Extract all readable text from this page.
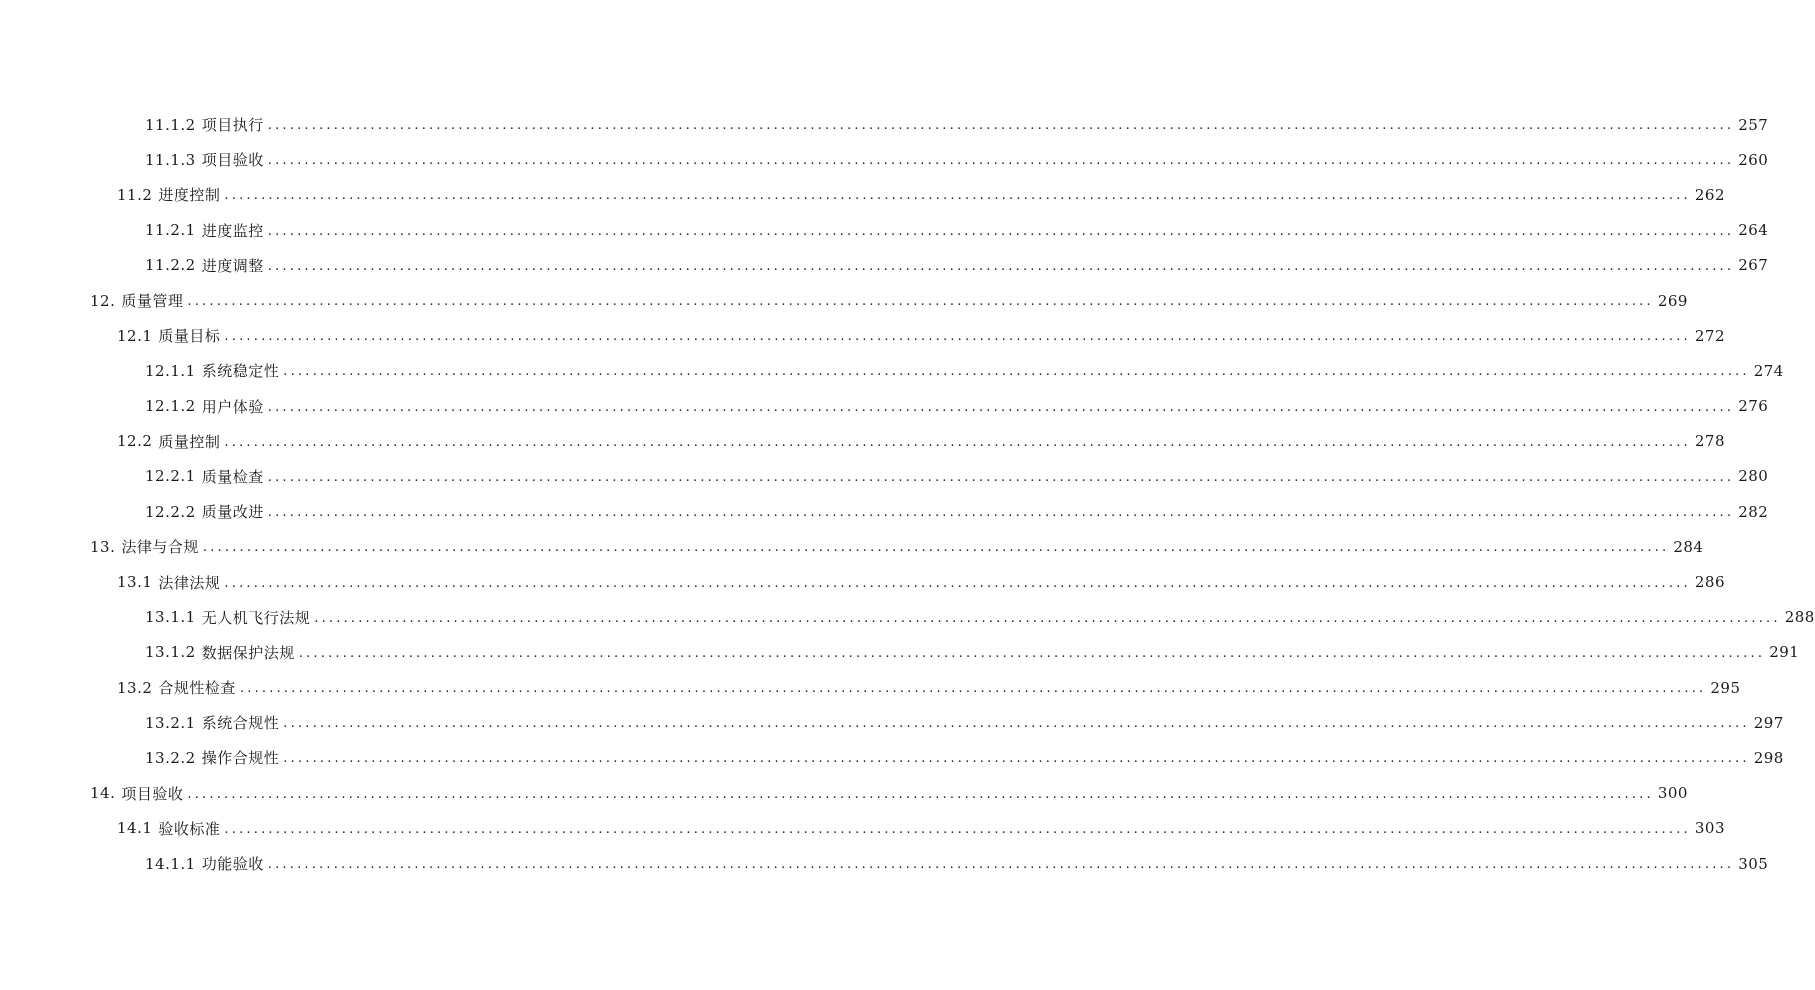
11.1.2 项目执行 ........................................................................................................................................................................................................ 257
11.1.3 项目验收 ........................................................................................................................................................................................................ 260
11.2 进度控制 ........................................................................................................................................................................................................ 262
11.2.1 进度监控 ........................................................................................................................................................................................................ 264
11.2.2 进度调整 ........................................................................................................................................................................................................ 267
12. 质量管理 ........................................................................................................................................................................................................ 269
12.1 质量目标 ........................................................................................................................................................................................................ 272
12.1.1 系统稳定性 ........................................................................................................................................................................................................ 274
12.1.2 用户体验 ........................................................................................................................................................................................................ 276
12.2 质量控制 ........................................................................................................................................................................................................ 278
12.2.1 质量检查 ........................................................................................................................................................................................................ 280
12.2.2 质量改进 ........................................................................................................................................................................................................ 282
13. 法律与合规 ........................................................................................................................................................................................................ 284
13.1 法律法规 ........................................................................................................................................................................................................ 286
13.1.1 无人机飞行法规 ........................................................................................................................................................................................................ 288
13.1.2 数据保护法规 ........................................................................................................................................................................................................ 291
13.2 合规性检查 ........................................................................................................................................................................................................ 295
13.2.1 系统合规性 ........................................................................................................................................................................................................ 297
13.2.2 操作合规性 ........................................................................................................................................................................................................ 298
14. 项目验收 ........................................................................................................................................................................................................ 300
14.1 验收标准 ........................................................................................................................................................................................................ 303
14.1.1 功能验收 ........................................................................................................................................................................................................ 305
